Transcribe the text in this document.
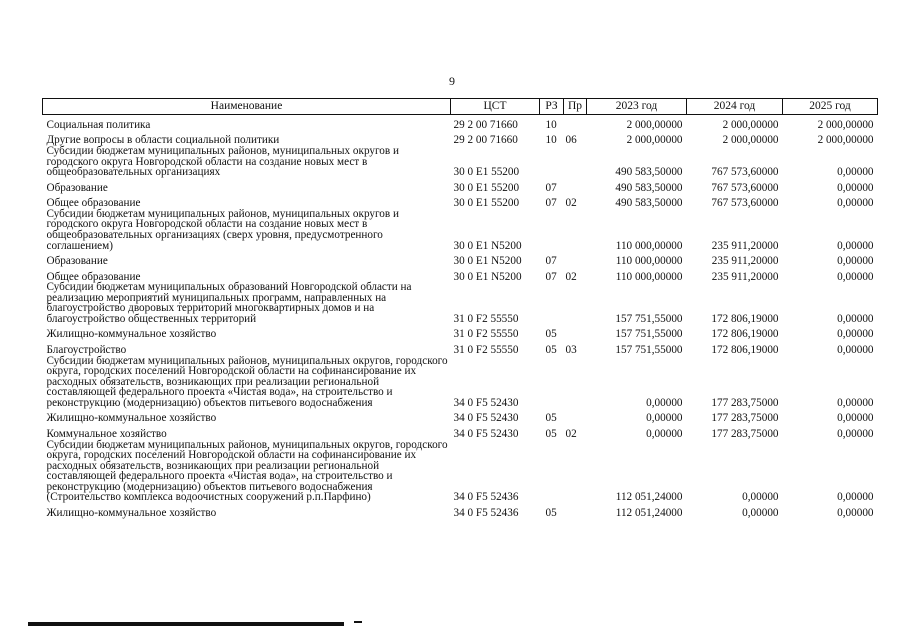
9
Наименование	ЦСТ	РЗ	Пр	2023 год	2024 год	2025 год
Социальная политика	29 2 00 71660	10		2 000,00000	2 000,00000	2 000,00000
Другие вопросы в области социальной политики	29 2 00 71660	10	06	2 000,00000	2 000,00000	2 000,00000
Субсидии бюджетам муниципальных районов, муниципальных округов и городского округа Новгородской области на создание новых мест в общеобразовательных организациях	30 0 E1 55200			490 583,50000	767 573,60000	0,00000
Образование	30 0 E1 55200	07		490 583,50000	767 573,60000	0,00000
Общее образование	30 0 E1 55200	07	02	490 583,50000	767 573,60000	0,00000
Субсидии бюджетам муниципальных районов, муниципальных округов и городского округа Новгородской области на создание новых мест в общеобразовательных организациях (сверх уровня, предусмотренного соглашением)	30 0 E1 N5200			110 000,00000	235 911,20000	0,00000
Образование	30 0 E1 N5200	07		110 000,00000	235 911,20000	0,00000
Общее образование	30 0 E1 N5200	07	02	110 000,00000	235 911,20000	0,00000
Субсидии бюджетам муниципальных образований Новгородской области на реализацию мероприятий муниципальных программ, направленных на благоустройство дворовых территорий многоквартирных домов и на благоустройство общественных территорий	31 0 F2 55550			157 751,55000	172 806,19000	0,00000
Жилищно-коммунальное хозяйство	31 0 F2 55550	05		157 751,55000	172 806,19000	0,00000
Благоустройство	31 0 F2 55550	05	03	157 751,55000	172 806,19000	0,00000
Субсидии бюджетам муниципальных районов, муниципальных округов, городского округа, городских поселений Новгородской области на софинансирование их расходных обязательств, возникающих при реализации региональной составляющей федерального проекта «Чистая вода», на строительство и реконструкцию (модернизацию) объектов питьевого водоснабжения	34 0 F5 52430			0,00000	177 283,75000	0,00000
Жилищно-коммунальное хозяйство	34 0 F5 52430	05		0,00000	177 283,75000	0,00000
Коммунальное хозяйство	34 0 F5 52430	05	02	0,00000	177 283,75000	0,00000
Субсидии бюджетам муниципальных районов, муниципальных округов, городского округа, городских поселений Новгородской области на софинансирование их расходных обязательств, возникающих при реализации региональной составляющей федерального проекта «Чистая вода», на строительство и реконструкцию (модернизацию) объектов питьевого водоснабжения (Строительство комплекса водоочистных сооружений р.п.Парфино)	34 0 F5 52436			112 051,24000	0,00000	0,00000
Жилищно-коммунальное хозяйство	34 0 F5 52436	05		112 051,24000	0,00000	0,00000
